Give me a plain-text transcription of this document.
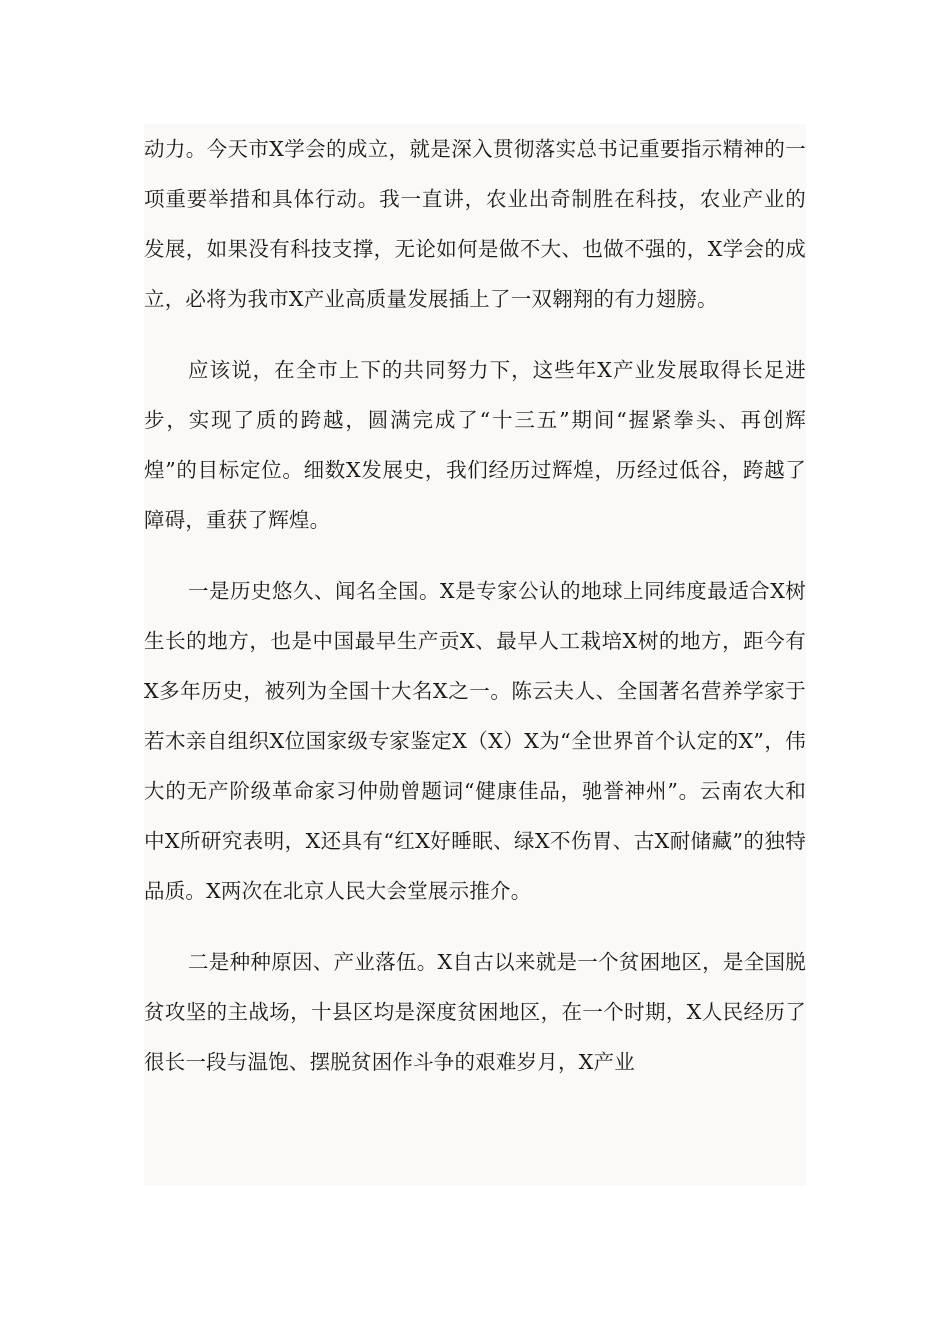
动力。今天市X学会的成立，就是深入贯彻落实总书记重要指示精神的一项重要举措和具体行动。我一直讲，农业出奇制胜在科技，农业产业的发展，如果没有科技支撑，无论如何是做不大、也做不强的，X学会的成立，必将为我市X产业高质量发展插上了一双翱翔的有力翅膀。

应该说，在全市上下的共同努力下，这些年X产业发展取得长足进步，实现了质的跨越，圆满完成了“十三五”期间“握紧拳头、再创辉煌”的目标定位。细数X发展史，我们经历过辉煌，历经过低谷，跨越了障碍，重获了辉煌。

一是历史悠久、闻名全国。X是专家公认的地球上同纬度最适合X树生长的地方，也是中国最早生产贡X、最早人工栽培X树的地方，距今有X多年历史，被列为全国十大名X之一。陈云夫人、全国著名营养学家于若木亲自组织X位国家级专家鉴定X（X）X为“全世界首个认定的X”，伟大的无产阶级革命家习仲勋曾题词“健康佳品，驰誉神州”。云南农大和中X所研究表明，X还具有“红X好睡眠、绿X不伤胃、古X耐储藏”的独特品质。X两次在北京人民大会堂展示推介。

二是种种原因、产业落伍。X自古以来就是一个贫困地区，是全国脱贫攻坚的主战场，十县区均是深度贫困地区，在一个时期，X人民经历了很长一段与温饱、摆脱贫困作斗争的艰难岁月，X产业
